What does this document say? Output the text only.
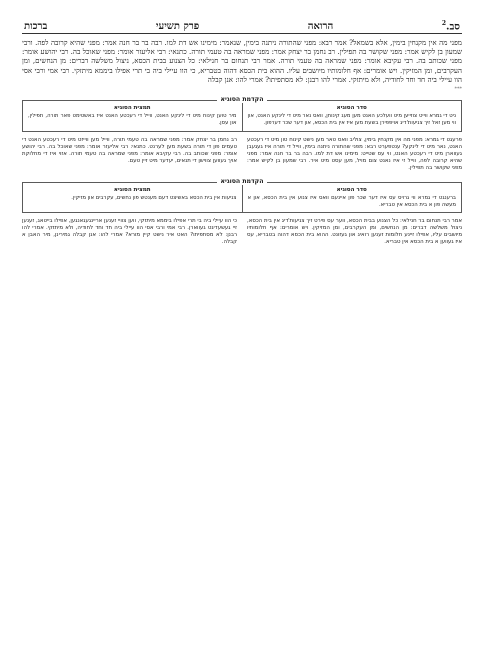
סב.$^2$
הרואה
פרק תשיעי
ברכות

מפני מה אין מקנחין בימין, אלא בשמאל? אמר רבא: מפני שהתורה ניתנה בימין, שנאמר: מימינו אש דת למו. רבה בר בר חנה אמר: מפני שהיא קרובה לפה. ורבי שמעון בן לקיש אמר: מפני שקושר בה תפילין. רב נחמן בר יצחק אמר: מפני שמראה בה טעמי תורה. כתנאי: רבי אליעזר אומר: מפני שאוכל בה. רבי יהושע אומר: מפני שכותב בה. רבי עקיבא אומר: מפני שמראה בה טעמי תורה. אמר רבי תנחום בר חנילאי: כל הצנוע בבית הכסא, ניצול משלשה דברים: מן הנחשים, ומן העקרבים, ומן המזיקין. ויש אומרים: אף חלומותיו מיושבים עליו. ההוא בית הכסא דהוה בטבריא, כי הוו עיילי ביה בי תרי אפילו ביממא מיתזקי. רבי אמי ורבי אסי הוו עיילי ביה חד וחד לחודיה, ולא מיתזקי. אמרי להו רבנן: לא מסתפיתו? אמרי להו: אנן קבלה

***
הקדמת הסוגיא
סדר הסוגיא
ניט די גמרא ווייט צוזייען מיט וועלכע האנט מען מעג קינוחן, וואס נאר מיט די לינקע האנט, און ווי מען זאל זיך צניעות'דיג אויפפירן בשעת מען איז אין בית הכסא, און דער שכר דערפון.
תמצית הסוגיא
מיר טוען קינוח מיט די לינקע האנט, ווייל די רעכטע האנט איז באשטימט פאר תורה, תפילין, און עסן.

פרעגט די גמרא: מפני מה אין מקנחין בימין, צוליב וואס טאר מען נישט קינוח טון מיט די רעכטע האנט, נאר מיט די לינקע? ענטפערט רבא: מפני שהתורה ניתנה בימין, ווייל די תורה איז געגעבן געווארן מיט די רעכטע האנט, ווי עס שטייט: מימינו אש דת למו. רבה בר בר חנה אמר: מפני שהיא קרובה לפה, ווייל זי איז נאנט צום מויל, מען עסט מיט איר. רבי שמעון בן לקיש אמר: מפני שקושר בה תפילין.

רב נחמן בר יצחק אמר: מפני שמראה בה טעמי תורה, ווייל מען ווייזט מיט די רעכטע האנט די טעמים פון די תורה בשעת מען לערנט. כתנאי: רבי אליעזר אומר: מפני שאוכל בה. רבי יהושע אומר: מפני שכותב בה. רבי עקיבא אומר: מפני שמראה בה טעמי תורה. אזוי איז די מחלוקת אויך געווען צווישן די תנאים, יעדער מיט זיין טעם.

הקדמת הסוגיא
סדר הסוגיא
ברענגט די גמרא ווי גרויס עס איז דער שכר פון איינעם וואס איז צנוע אין בית הכסא, און א מעשה פון א בית הכסא אין טבריא.
תמצית הסוגיא
צניעות אין בית הכסא באשיצט דעם מענטש פון נחשים, עקרבים און מזיקין.

אמר רבי תנחום בר חנילאי: כל הצנוע בבית הכסא, ווער עס פירט זיך צניעות'דיג אין בית הכסא, ניצול משלשה דברים: מן הנחשים, ומן העקרבים, ומן המזיקין. ויש אומרים: אף חלומותיו מיושבים עליו, אפילו זיינע חלומות זענען רואיג און געזונט. ההוא בית הכסא דהוה בטבריא, עס איז געווען א בית הכסא אין טבריא.

כי הוו עיילי ביה בי תרי אפילו ביממא מיתזקי, ווען צוויי זענען אריינגעגאנגען, אפילו בייטאג, זענען זיי געשעדיגט געווארן. רבי אמי ורבי אסי הוו עיילי ביה חד וחד לחודיה, ולא מיתזקי. אמרי להו רבנן: לא מסתפיתו? האט איר נישט קיין מורא? אמרי להו: אנן קבלה גמירינן, מיר האבן א קבלה.
